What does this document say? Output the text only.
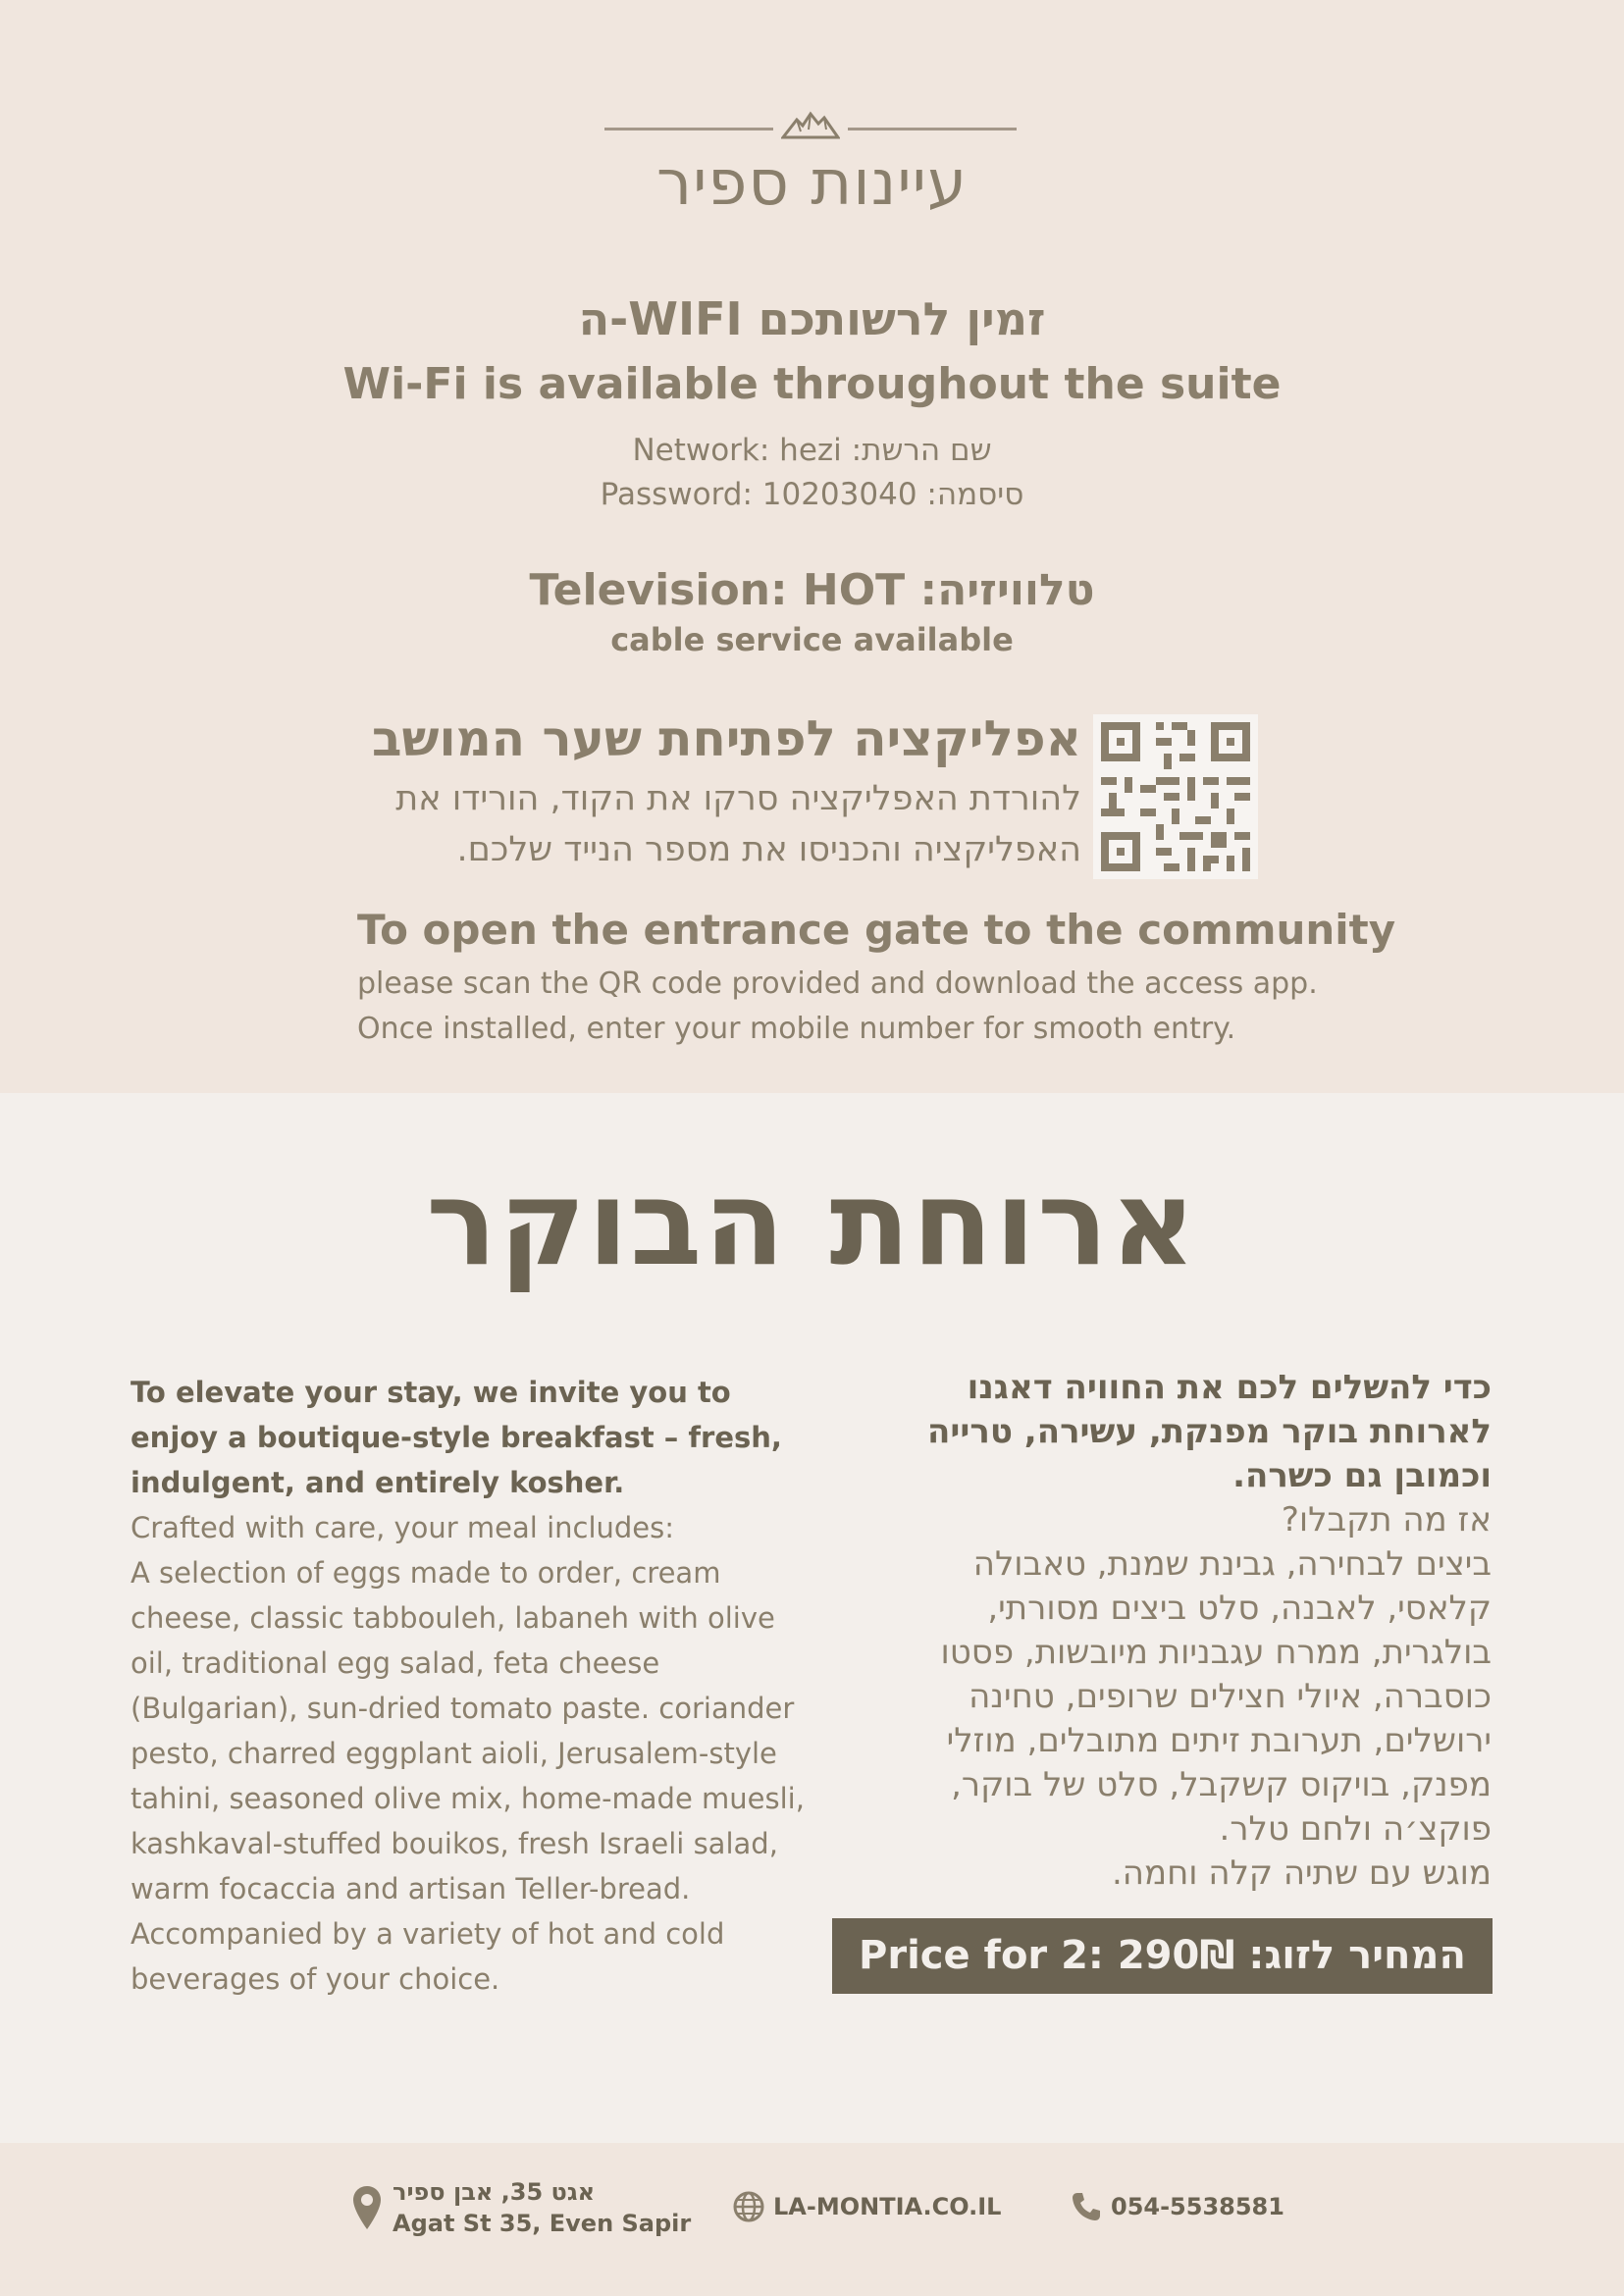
עיינות ספיר
ה-WIFI זמין לרשותכם
Wi-Fi is available throughout the suite
Network: hezi :שם הרשת
Password: 10203040 :סיסמה
Television: HOT :טלוויזיה
cable service available
אפליקציה לפתיחת שער המושב
להורדת האפליקציה סרקו את הקוד, הורידו את האפליקציה והכניסו את מספר הנייד שלכם.
To open the entrance gate to the community
please scan the QR code provided and download the access app.
Once installed, enter your mobile number for smooth entry.
ארוחת הבוקר
To elevate your stay, we invite you to enjoy a boutique-style breakfast – fresh, indulgent, and entirely kosher.
Crafted with care, your meal includes:
A selection of eggs made to order, cream cheese, classic tabbouleh, labaneh with olive oil, traditional egg salad, feta cheese (Bulgarian), sun-dried tomato paste. coriander pesto, charred eggplant aioli, Jerusalem-style tahini, seasoned olive mix, home-made muesli, kashkaval-stuffed bouikos, fresh Israeli salad, warm focaccia and artisan Teller-bread.
Accompanied by a variety of hot and cold beverages of your choice.
כדי להשלים לכם את החוויה דאגנו לארוחת בוקר מפנקת, עשירה, טרייה וכמובן גם כשרה.
אז מה תקבלו?
ביצים לבחירה, גבינת שמנת, טאבולה קלאסי, לאבנה, סלט ביצים מסורתי, בולגרית, ממרח עגבניות מיובשות, פסטו כוסברה, איולי חצילים שרופים, טחינה ירושלים, תערובת זיתים מתובלים, מוזלי מפנק, בויקוס קשקבל, סלט של בוקר, פוקצ׳ה ולחם טלר.
מוגש עם שתיה קלה וחמה.
Price for 2: 290₪ :המחיר לזוג
אגט 35, אבן ספיר
Agat St 35, Even Sapir
LA-MONTIA.CO.IL	054-5538581
